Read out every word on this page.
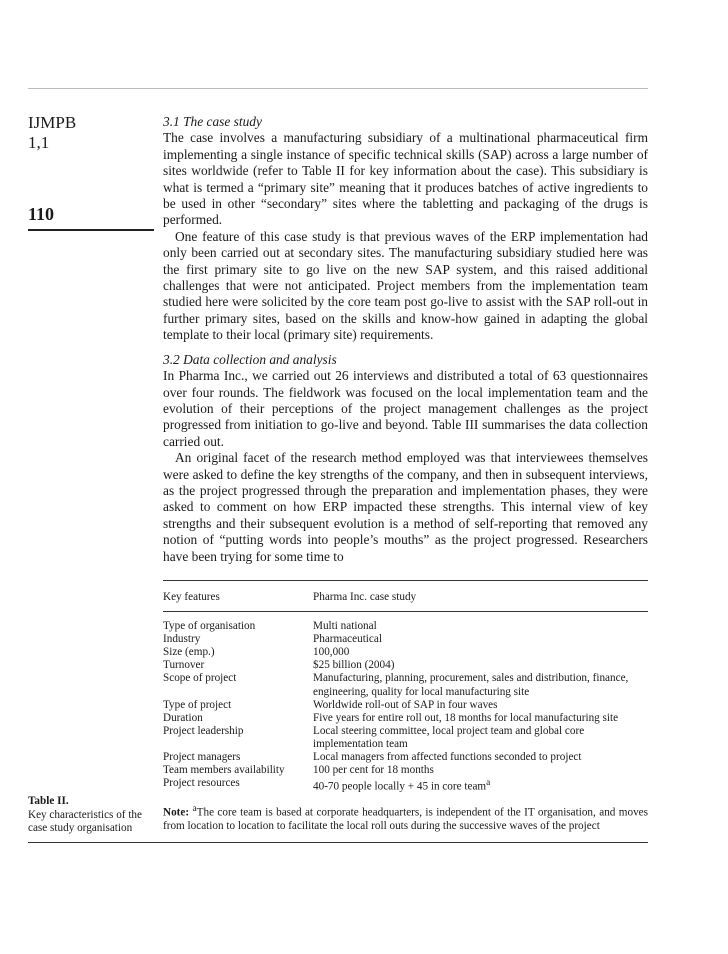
IJMPB
1,1
110
3.1 The case study

The case involves a manufacturing subsidiary of a multinational pharmaceutical firm implementing a single instance of specific technical skills (SAP) across a large number of sites worldwide (refer to Table II for key information about the case). This subsidiary is what is termed a “primary site” meaning that it produces batches of active ingredients to be used in other “secondary” sites where the tabletting and packaging of the drugs is performed.

One feature of this case study is that previous waves of the ERP implementation had only been carried out at secondary sites. The manufacturing subsidiary studied here was the first primary site to go live on the new SAP system, and this raised additional challenges that were not anticipated. Project members from the implementation team studied here were solicited by the core team post go-live to assist with the SAP roll-out in further primary sites, based on the skills and know-how gained in adapting the global template to their local (primary site) requirements.

3.2 Data collection and analysis

In Pharma Inc., we carried out 26 interviews and distributed a total of 63 questionnaires over four rounds. The fieldwork was focused on the local implementation team and the evolution of their perceptions of the project management challenges as the project progressed from initiation to go-live and beyond. Table III summarises the data collection carried out.

An original facet of the research method employed was that interviewees themselves were asked to define the key strengths of the company, and then in subsequent interviews, as the project progressed through the preparation and implementation phases, they were asked to comment on how ERP impacted these strengths. This internal view of key strengths and their subsequent evolution is a method of self-reporting that removed any notion of “putting words into people’s mouths” as the project progressed. Researchers have been trying for some time to

Key features	Pharma Inc. case study
Type of organisation	Multi national
Industry	Pharmaceutical
Size (emp.)	100,000
Turnover	$25 billion (2004)
Scope of project	Manufacturing, planning, procurement, sales and distribution, finance, engineering, quality for local manufacturing site
Type of project	Worldwide roll-out of SAP in four waves
Duration	Five years for entire roll out, 18 months for local manufacturing site
Project leadership	Local steering committee, local project team and global core implementation team
Project managers	Local managers from affected functions seconded to project
Team members availability	100 per cent for 18 months
Project resources	40-70 people locally + 45 in core team$^a$
Note: $^a$The core team is based at corporate headquarters, is independent of the IT organisation, and moves from location to location to facilitate the local roll outs during the successive waves of the project
Table II.
Key characteristics of the case study organisation
